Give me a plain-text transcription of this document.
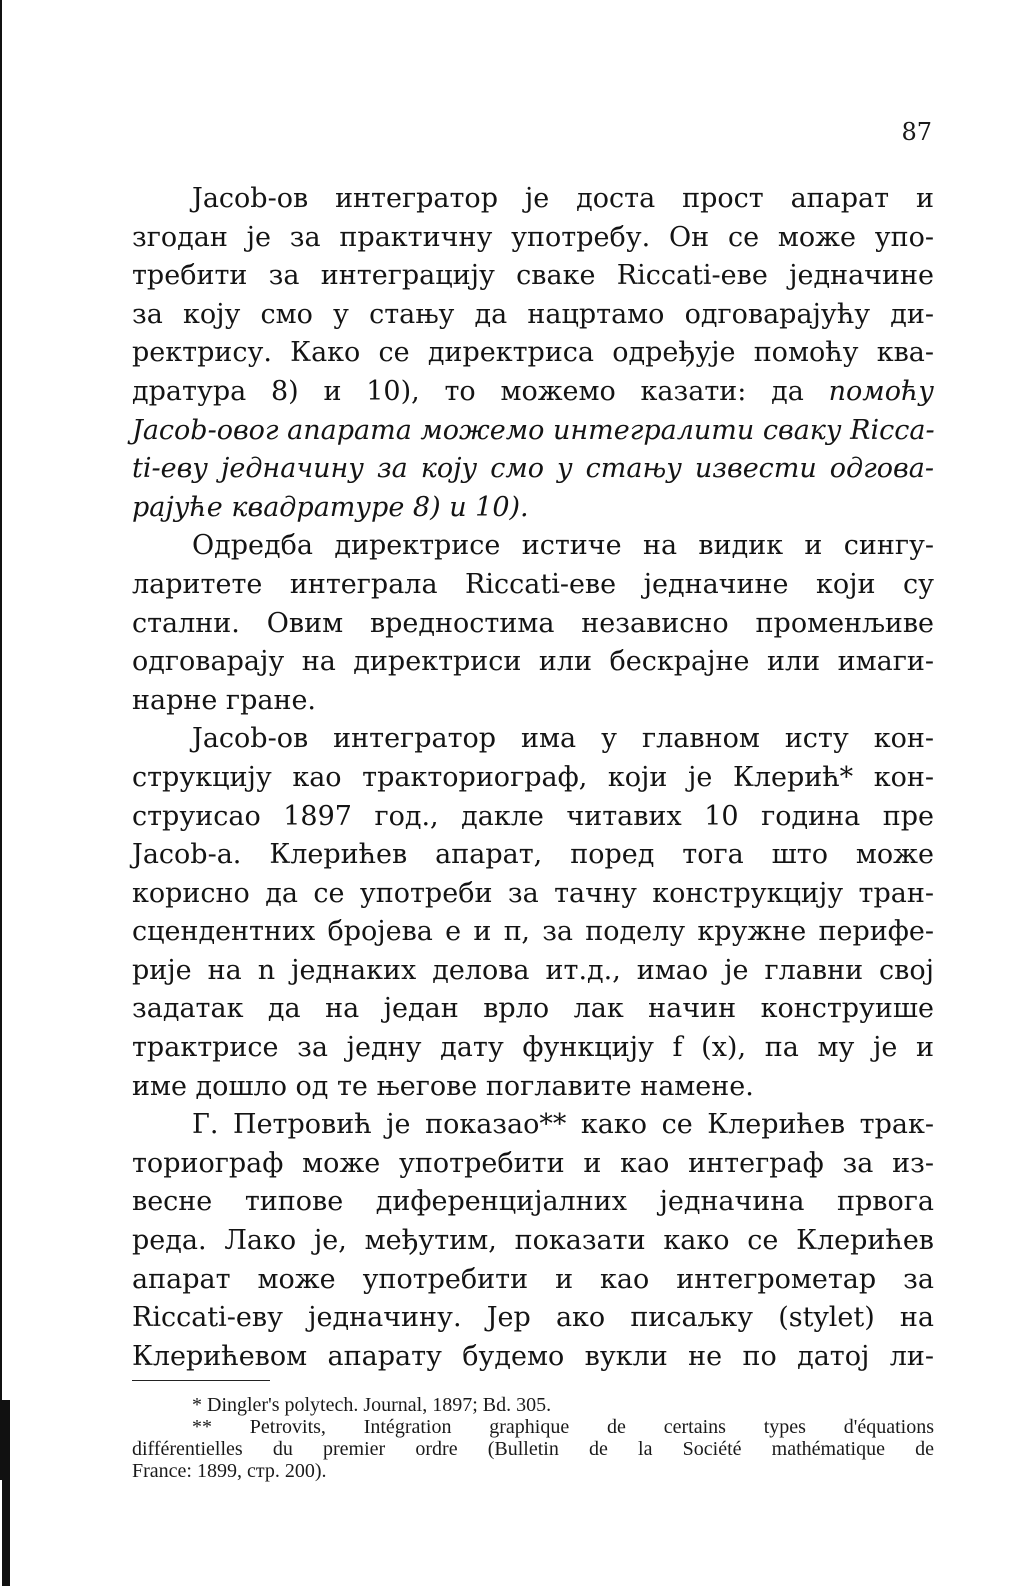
87
Jacob-ов интегратор је доста прост апарат и
згодан је за практичну употребу. Он се може упо-
требити за интеграцију сваке Riccati-еве једначине
за коју смо у стању да нацртамо одговарајућу ди-
ректрису. Како се директриса одређује помоћу ква-
дратура 8) и 10), то можемо казати: да помоћу
Jacob-овог апарата можемо интегралити сваку Ricca-
ti-еву једначину за коју смо у стању извести одгова-
рајуће квадратуре 8) и 10).
Одредба директрисе истиче на видик и сингу-
ларитете интеграла Riccati-еве једначине који су
стални. Овим вредностима независно променљиве
одговарају на директриси или бескрајне или имаги-
нарне гране.
Jacob-ов интегратор има у главном исту кон-
струкцију као трактoриограф, који је Клерић* кон-
струисао 1897 год., дакле читавих 10 година пре
Jacob-а. Клерићев апарат, поред тога што може
корисно да се употреби за тачну конструкцију тран-
сцендентних бројева е и π, за поделу кружне перифе-
рије на n једнаких делова ит.д., имао је главни свој
задатак да на један врло лак начин конструише
трактрисе за једну дату функцију f (x), па му је и
име дошло од те његове поглавите намене.
Г. Петровић је показао** како се Клерићев трак-
тoриограф може употребити и као интеграф за из-
весне типове диференцијалних једначина првога
реда. Лако је, међутим, показати како се Клерићев
апарат може употребити и као интегрометар за
Riccati-еву једначину. Јер ако писаљку (stylet) на
Клерићевом апарату будемо вукли не по датој ли-
* Dingler's polytech. Journal, 1897; Bd. 305.
** Petrovits, Intégration graphique de certains types d'équations
différentielles du premier ordre (Bulletin de la Société mathématique de
France: 1899, стр. 200).
